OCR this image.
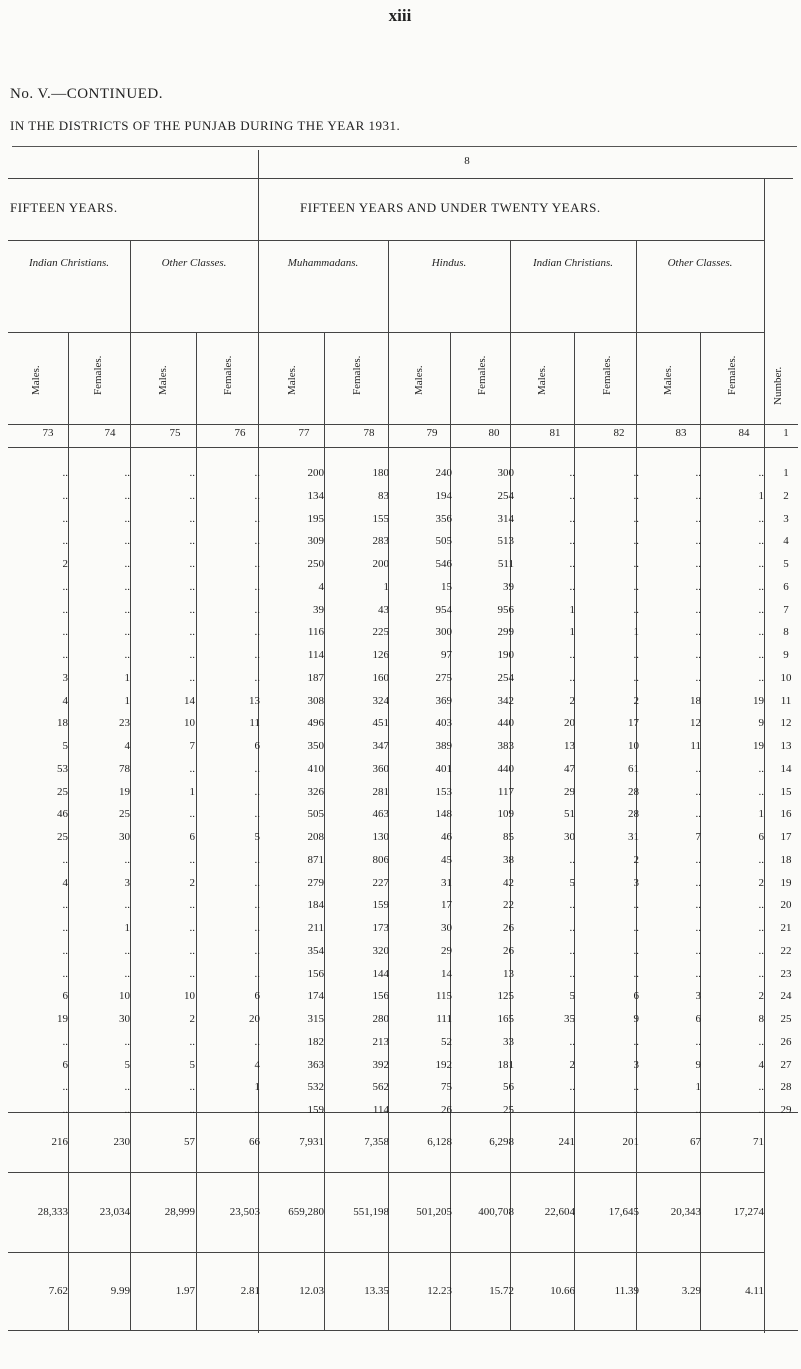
xiii
No. V.—CONTINUED.
IN THE DISTRICTS OF THE PUNJAB DURING THE YEAR 1931.
8
FIFTEEN YEARS.	FIFTEEN YEARS AND UNDER TWENTY YEARS.
Indian Christians.	Other Classes.	Muhammadans.	Hindus.	Indian Christians.	Other Classes.
Males.	Females.	Males.	Females.	Males.	Females.	Males.	Females.	Males.	Females.	Males.	Females.	Number.
73	74	75	76	77	78	79	80	81	82	83	84	1
..	..	..	..	200	180	240	300	..	..	..	..	1
..	..	..	..	134	83	194	254	..	..	..	1	2
..	..	..	..	195	155	356	314	..	..	..	..	3
..	..	..	..	309	283	505	513	..	..	..	..	4
2	..	..	..	250	200	546	511	..	..	..	..	5
..	..	..	..	4	1	15	39	..	..	..	..	6
..	..	..	..	39	43	954	956	1	..	..	..	7
..	..	..	..	116	225	300	299	1	1	..	..	8
..	..	..	..	114	126	97	190	..	..	..	..	9
3	1	..	..	187	160	275	254	..	..	..	..	10
4	1	14	13	308	324	369	342	2	2	18	19	11
18	23	10	11	496	451	403	440	20	17	12	9	12
5	4	7	6	350	347	389	383	13	10	11	19	13
53	78	..	..	410	360	401	440	47	61	..	..	14
25	19	1	..	326	281	153	117	29	28	..	..	15
46	25	..	..	505	463	148	109	51	28	..	1	16
25	30	6	5	208	130	46	85	30	31	7	6	17
..	..	..	..	871	806	45	38	..	2	..	..	18
4	3	2	..	279	227	31	42	5	3	..	2	19
..	..	..	..	184	159	17	22	..	..	..	..	20
..	1	..	..	211	173	30	26	..	..	..	..	21
..	..	..	..	354	320	29	26	..	..	..	..	22
..	..	..	..	156	144	14	13	..	..	..	..	23
6	10	10	6	174	156	115	125	5	6	3	2	24
19	30	2	20	315	280	111	165	35	9	6	8	25
..	..	..	..	182	213	52	33	..	..	..	..	26
6	5	5	4	363	392	192	181	2	3	9	4	27
..	..	..	1	532	562	75	56	..	..	1	..	28
..	..	..	..	159	114	26	25	..	..	..	..	29
216	230	57	66	7,931	7,358	6,128	6,298	241	201	67	71
28,333	23,034	28,999	23,503	659,280	551,198	501,205	400,708	22,604	17,645	20,343	17,274
7.62	9.99	1.97	2.81	12.03	13.35	12.23	15.72	10.66	11.39	3.29	4.11
